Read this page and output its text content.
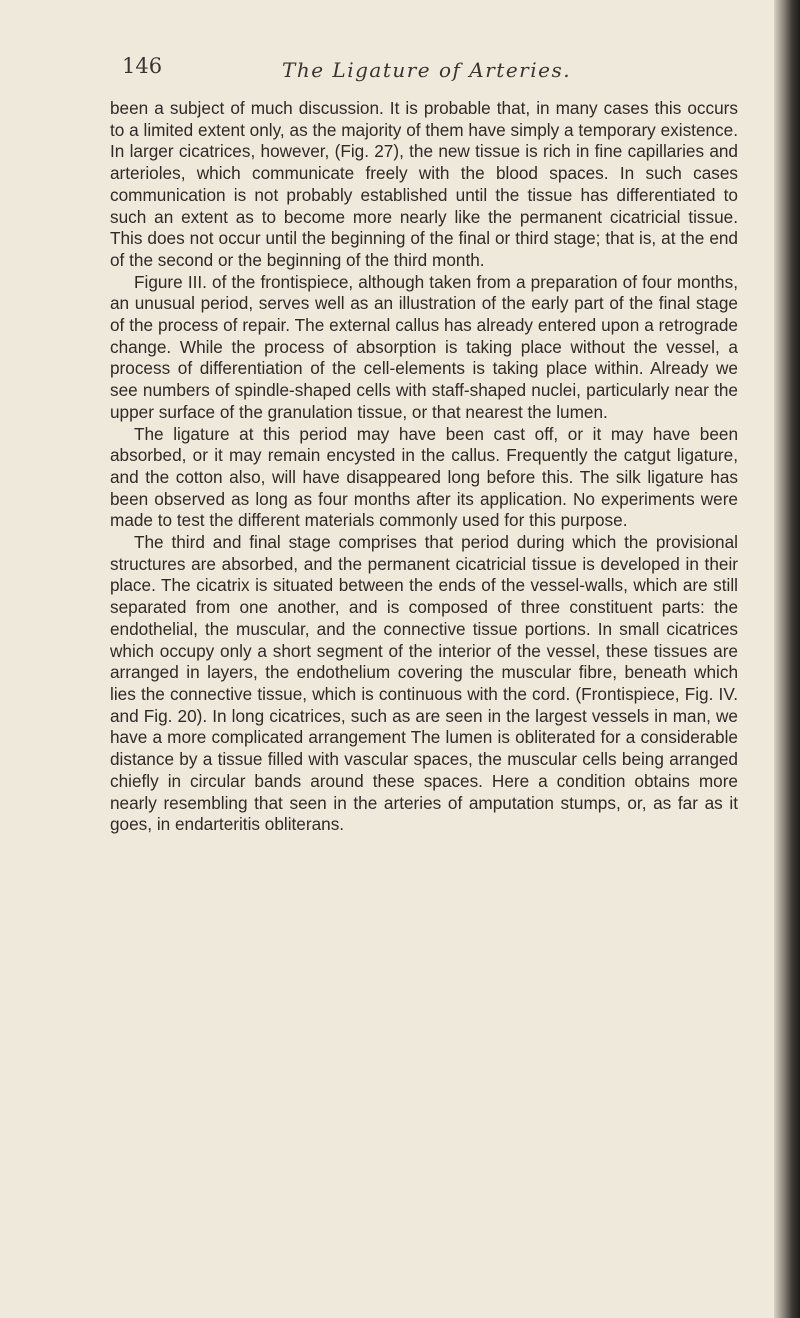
146	The Ligature of Arteries.

been a subject of much discussion. It is probable that, in many cases this occurs to a limited extent only, as the majority of them have simply a temporary existence. In larger cicatrices, however, (Fig. 27), the new tissue is rich in fine capillaries and arterioles, which communicate freely with the blood spaces. In such cases communication is not probably established until the tissue has differentiated to such an extent as to become more nearly like the permanent cicatricial tissue. This does not occur until the beginning of the final or third stage; that is, at the end of the second or the beginning of the third month.

Figure III. of the frontispiece, although taken from a preparation of four months, an unusual period, serves well as an illustration of the early part of the final stage of the process of repair. The external callus has already entered upon a retrograde change. While the process of absorption is taking place without the vessel, a process of differentiation of the cell-elements is taking place within. Already we see numbers of spindle-shaped cells with staff-shaped nuclei, particularly near the upper surface of the granulation tissue, or that nearest the lumen.

The ligature at this period may have been cast off, or it may have been absorbed, or it may remain encysted in the callus. Frequently the catgut ligature, and the cotton also, will have disappeared long before this. The silk ligature has been observed as long as four months after its application. No experiments were made to test the different materials commonly used for this purpose.

The third and final stage comprises that period during which the provisional structures are absorbed, and the permanent cicatricial tissue is developed in their place. The cicatrix is situated between the ends of the vessel-walls, which are still separated from one another, and is composed of three constituent parts: the endothelial, the muscular, and the connective tissue portions. In small cicatrices which occupy only a short segment of the interior of the vessel, these tissues are arranged in layers, the endothelium covering the muscular fibre, beneath which lies the connective tissue, which is continuous with the cord. (Frontispiece, Fig. IV. and Fig. 20). In long cicatrices, such as are seen in the largest vessels in man, we have a more complicated arrangement The lumen is obliterated for a considerable distance by a tissue filled with vascular spaces, the muscular cells being arranged chiefly in circular bands around these spaces. Here a condition obtains more nearly resembling that seen in the arteries of amputation stumps, or, as far as it goes, in endarteritis obliterans.
